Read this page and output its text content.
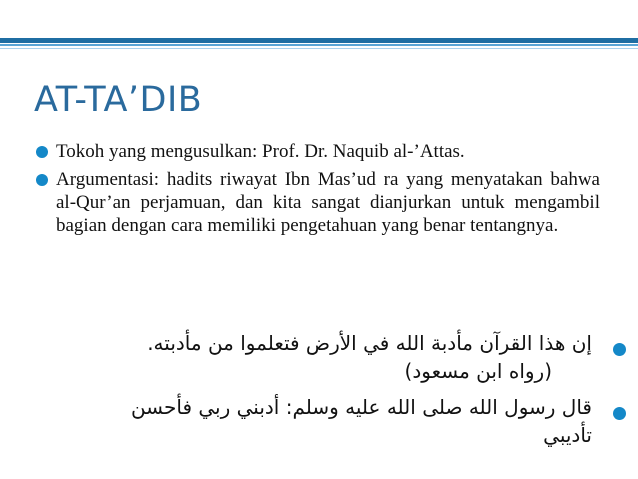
AT-TA’DIB
Tokoh yang mengusulkan: Prof. Dr. Naquib al-’Attas.
Argumentasi: hadits riwayat Ibn Mas’ud ra yang menyatakan bahwa al-Qur’an perjamuan, dan kita sangat dianjurkan untuk mengambil bagian dengan cara memiliki pengetahuan yang benar tentangnya.
إن هذا القرآن مأدبة الله في الأرض فتعلموا من مأدبته.
(رواه ابن مسعود)
قال رسول الله صلى الله عليه وسلم: أدبني ربي فأحسن
تأديبي
